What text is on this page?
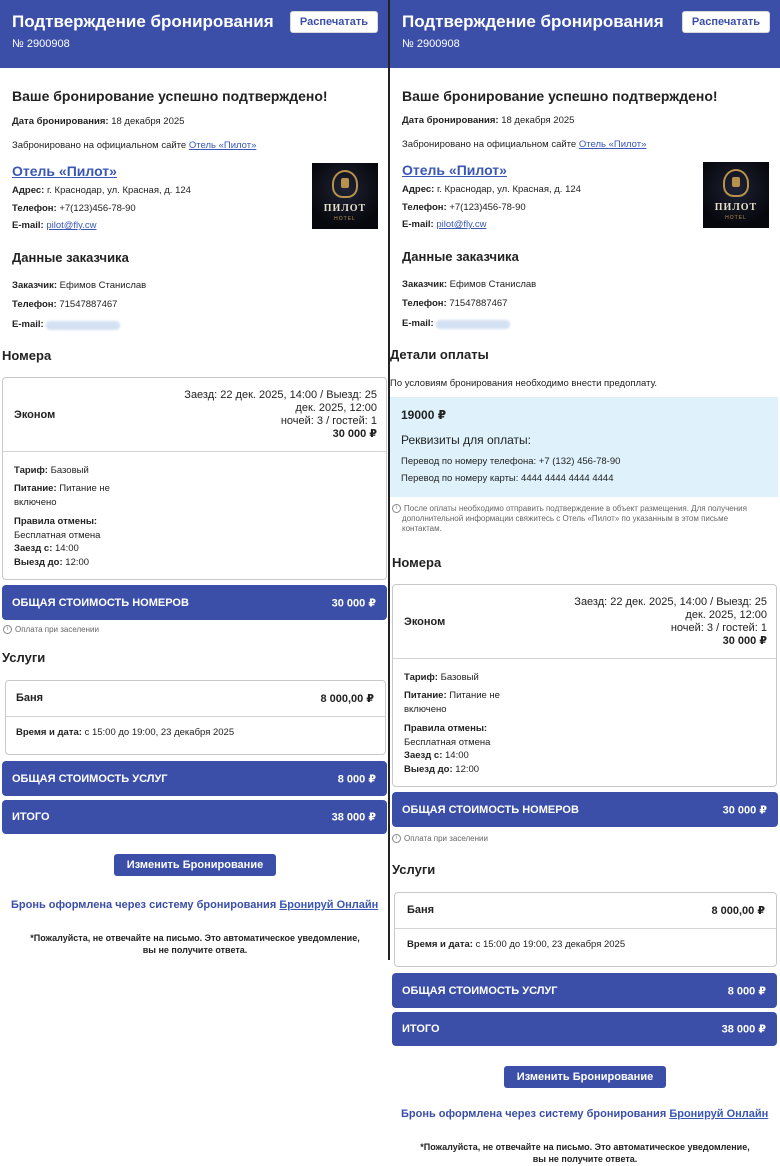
Подтверждение бронирования
№ 2900908
Распечатать
Ваше бронирование успешно подтверждено!
Дата бронирования: 18 декабря 2025
Забронировано на официальном сайте Отель «Пилот»
Отель «Пилот»
Адрес: г. Краснодар, ул. Красная, д. 124
Телефон: +7(123)456-78-90
E-mail: pilot@fly.cw
ПИЛОТ
HOTEL
Данные заказчика
Заказчик: Ефимов Станислав
Телефон: 71547887467
E-mail:
Номера
Эконом
Заезд: 22 дек. 2025, 14:00 / Выезд: 25
дек. 2025, 12:00
ночей: 3 / гостей: 1
30 000 ₽
Тариф: Базовый
Питание: Питание не
включено
Правила отмены:
Бесплатная отмена
Заезд с: 14:00
Выезд до: 12:00
ОБЩАЯ СТОИМОСТЬ НОМЕРОВ	30 000 ₽
i Оплата при заселении
Услуги
Баня	8 000,00 ₽
Время и дата: с 15:00 до 19:00, 23 декабря 2025
ОБЩАЯ СТОИМОСТЬ УСЛУГ	8 000 ₽
ИТОГО	38 000 ₽
Изменить Бронирование
Бронь оформлена через систему бронирования Бронируй Онлайн
*Пожалуйста, не отвечайте на письмо. Это автоматическое уведомление,
вы не получите ответа.
Подтверждение бронирования
№ 2900908
Распечатать
Ваше бронирование успешно подтверждено!
Дата бронирования: 18 декабря 2025
Забронировано на официальном сайте Отель «Пилот»
Отель «Пилот»
Адрес: г. Краснодар, ул. Красная, д. 124
Телефон: +7(123)456-78-90
E-mail: pilot@fly.cw
ПИЛОТ
HOTEL
Данные заказчика
Заказчик: Ефимов Станислав
Телефон: 71547887467
E-mail:
Детали оплаты
По условиям бронирования необходимо внести предоплату.
19000 ₽
Реквизиты для оплаты:
Перевод по номеру телефона: +7 (132) 456-78-90
Перевод по номеру карты: 4444 4444 4444 4444
i После оплаты необходимо отправить подтверждение в объект размещения. Для получения
дополнительной информации свяжитесь с Отель «Пилот» по указанным в этом письме
контактам.
Номера
Эконом
Заезд: 22 дек. 2025, 14:00 / Выезд: 25
дек. 2025, 12:00
ночей: 3 / гостей: 1
30 000 ₽
Тариф: Базовый
Питание: Питание не
включено
Правила отмены:
Бесплатная отмена
Заезд с: 14:00
Выезд до: 12:00
ОБЩАЯ СТОИМОСТЬ НОМЕРОВ	30 000 ₽
i Оплата при заселении
Услуги
Баня	8 000,00 ₽
Время и дата: с 15:00 до 19:00, 23 декабря 2025
ОБЩАЯ СТОИМОСТЬ УСЛУГ	8 000 ₽
ИТОГО	38 000 ₽
Изменить Бронирование
Бронь оформлена через систему бронирования Бронируй Онлайн
*Пожалуйста, не отвечайте на письмо. Это автоматическое уведомление,
вы не получите ответа.
